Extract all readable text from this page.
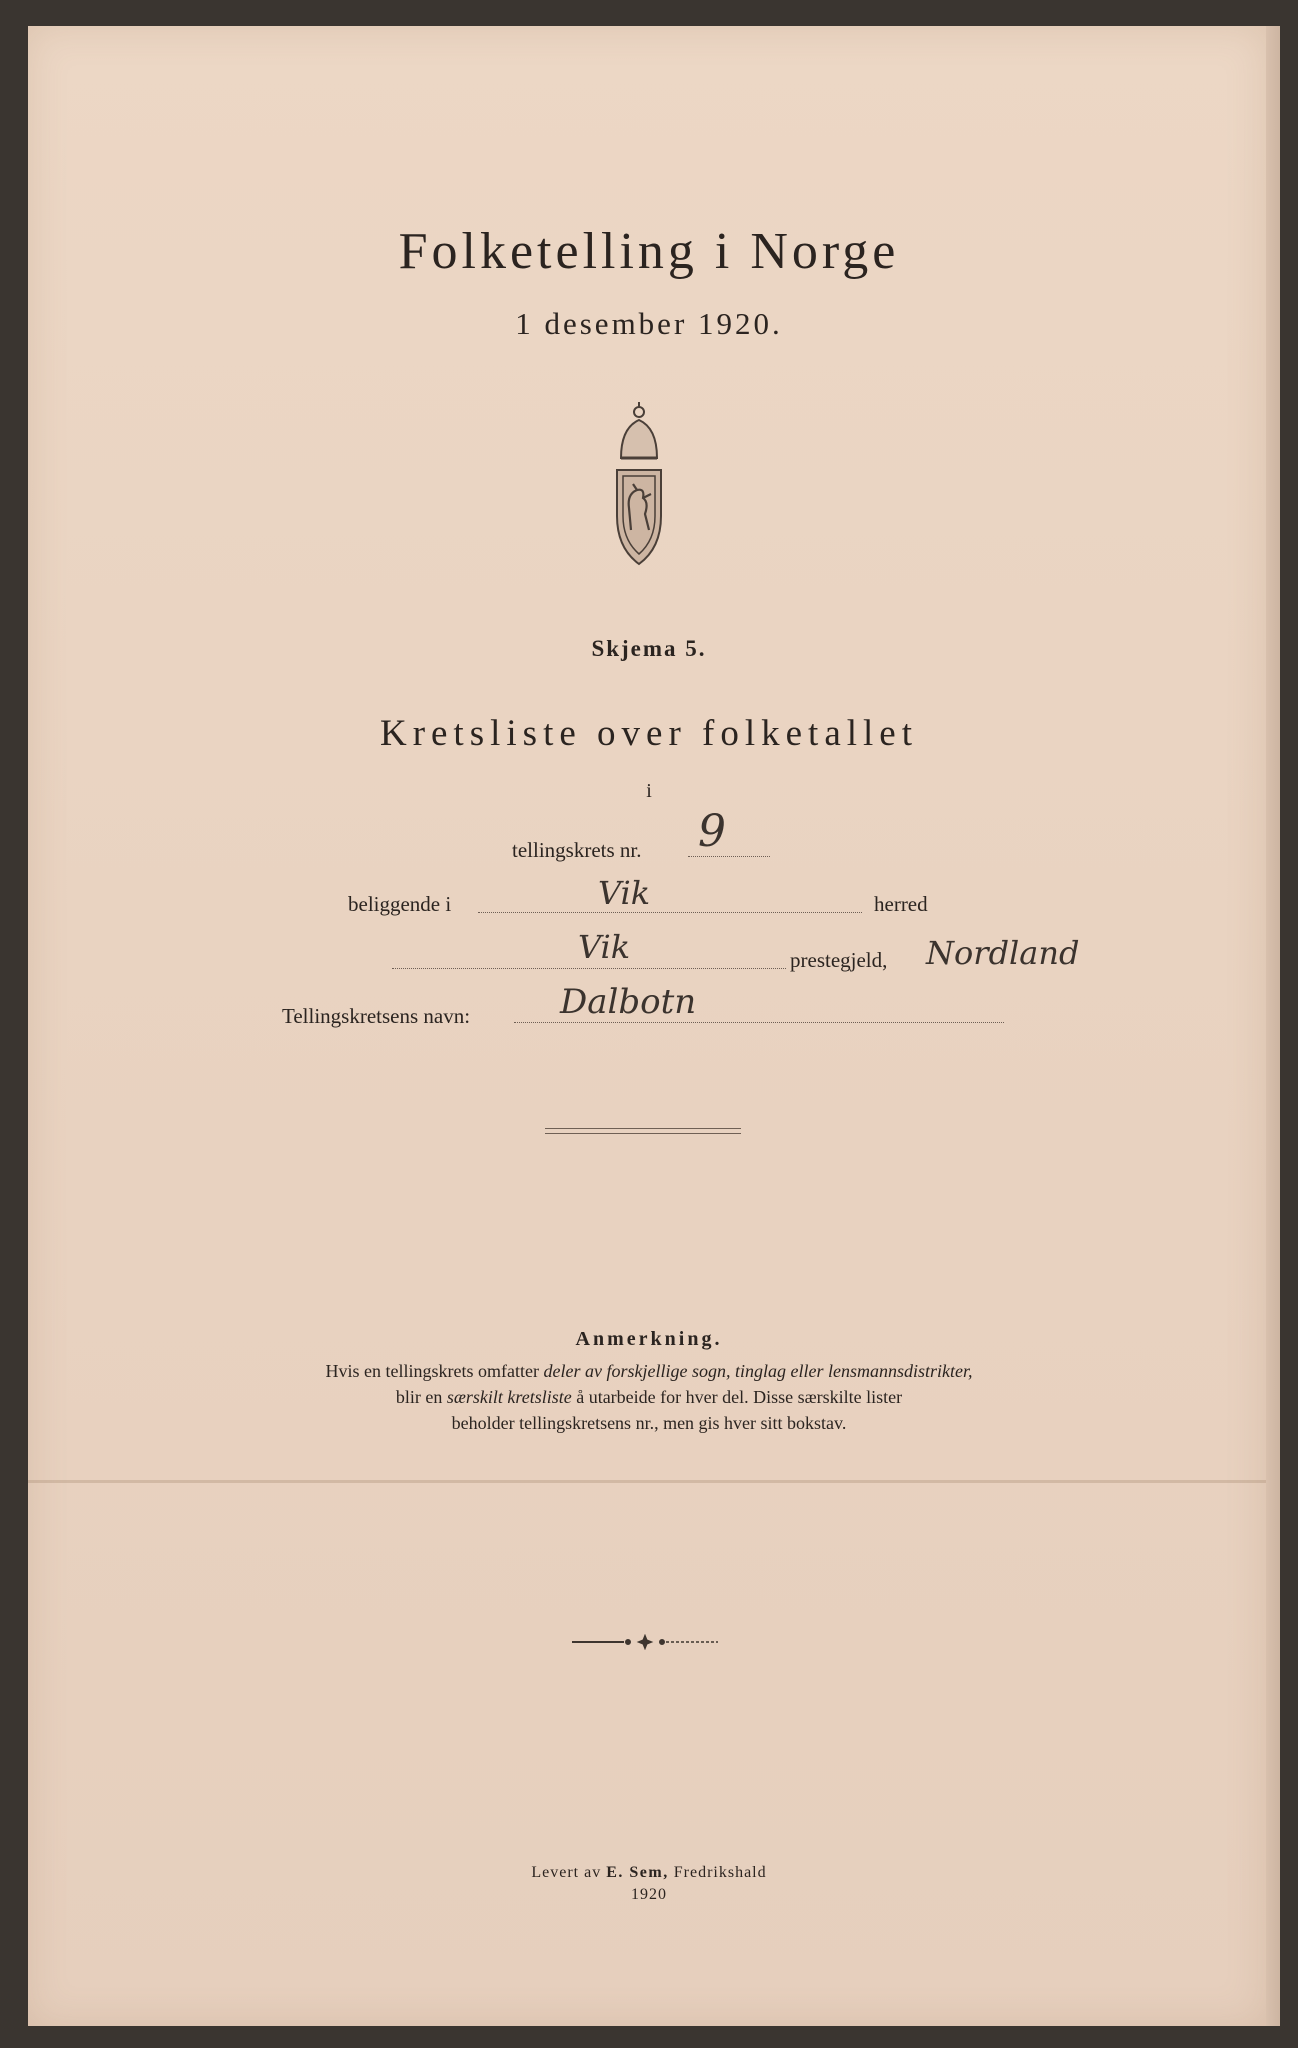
Folketelling i Norge
1 desember 1920.
Skjema 5.
Kretsliste over folketallet
i
tellingskrets nr. 9
beliggende i	Vik	herred
Vik	prestegjeld, Nordland
Tellingskretsens navn:	Dalbotn
Anmerkning.
Hvis en tellingskrets omfatter deler av forskjellige sogn, tinglag eller lensmannsdistrikter,
blir en særskilt kretsliste å utarbeide for hver del. Disse særskilte lister
beholder tellingskretsens nr., men gis hver sitt bokstav.
Levert av E. Sem, Fredrikshald
1920
